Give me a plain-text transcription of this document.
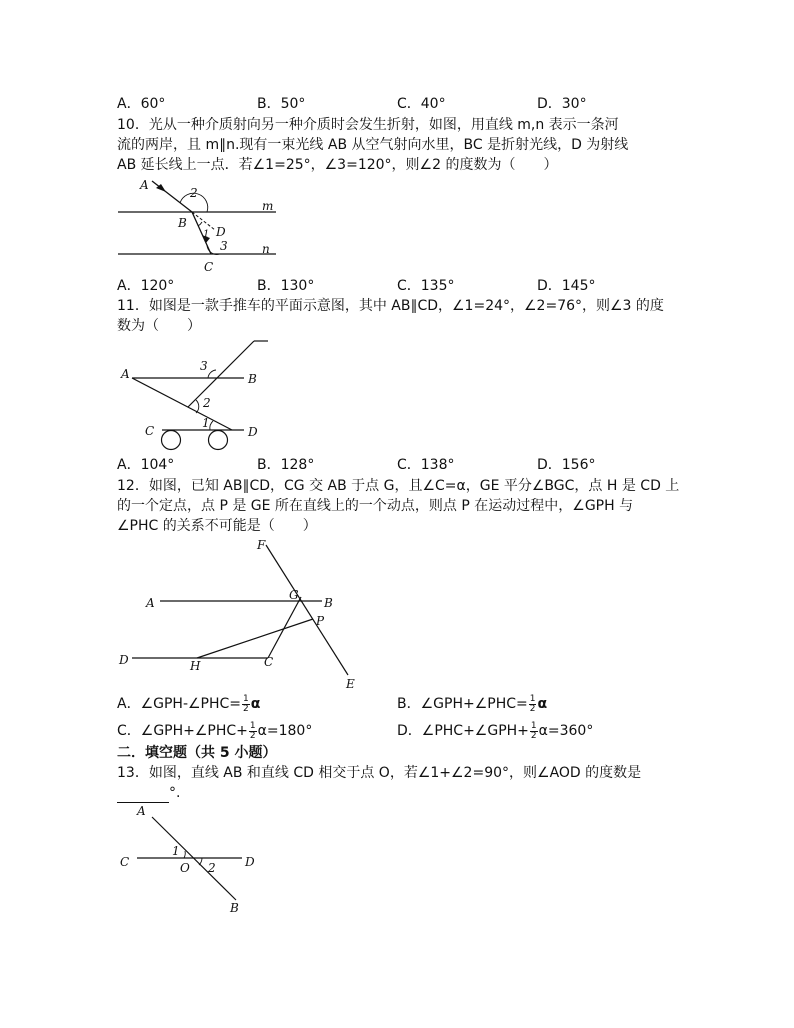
A．60°	B．50°	C．40°	D．30°
10．光从一种介质射向另一种介质时会发生折射，如图，用直线 m,n 表示一条河
流的两岸，且 m∥n.现有一束光线 AB 从空气射向水里，BC 是折射光线，D 为射线
AB 延长线上一点．若∠1=25°，∠3=120°，则∠2 的度数为（　　）
A
2
m
B
1 D
3	n
C
A．120°	B．130°	C．135°	D．145°
11．如图是一款手推车的平面示意图，其中 AB∥CD，∠1=24°，∠2=76°，则∠3 的度
数为（　　）
A
3
B
2
C
1
D
A．104°	B．128°	C．138°	D．156°
12．如图，已知 AB∥CD，CG 交 AB 于点 G，且∠C=α，GE 平分∠BGC，点 H 是 CD 上
的一个定点，点 P 是 GE 所在直线上的一个动点，则点 P 在运动过程中，∠GPH 与
∠PHC 的关系不可能是（　　）
F
A
G
B
P
D	H	C
E
A．∠GPH-∠PHC= $\frac{1}{2}$ α	B．∠GPH+∠PHC= $\frac{1}{2}$ α
C．∠GPH+∠PHC+ $\frac{1}{2} \alpha=180^\circ$	D．∠PHC+∠GPH+ $\frac{1}{2} \alpha=360^\circ$
二．填空题（共 5 小题）
13．如图，直线 AB 和直线 CD 相交于点 O，若∠1+∠2=90°，则∠AOD 的度数是
°.
A
C
1
O 2 D
B
